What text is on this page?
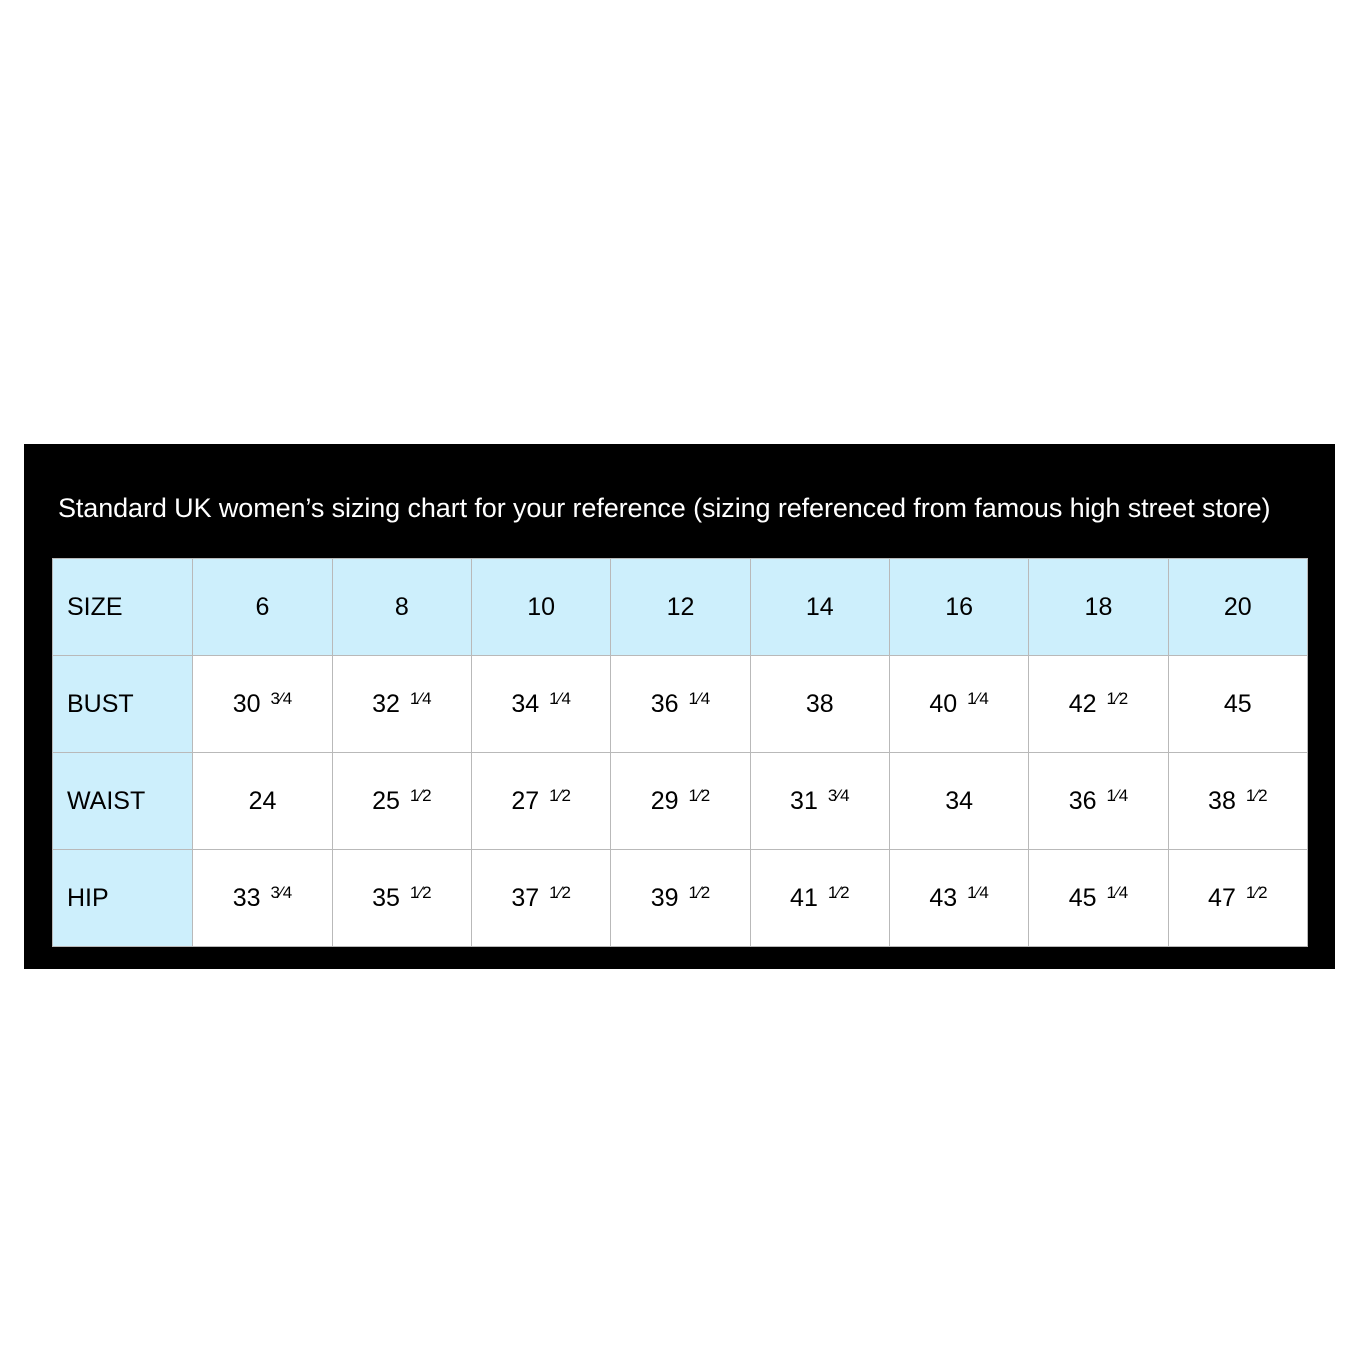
Standard UK women’s sizing chart for your reference (sizing referenced from famous high street store)
SIZE	6	8	10	12	14	16	18	20
BUST	30 3⁄4	32 1⁄4	34 1⁄4	36 1⁄4	38	40 1⁄4	42 1⁄2	45
WAIST	24	25 1⁄2	27 1⁄2	29 1⁄2	31 3⁄4	34	36 1⁄4	38 1⁄2
HIP	33 3⁄4	35 1⁄2	37 1⁄2	39 1⁄2	41 1⁄2	43 1⁄4	45 1⁄4	47 1⁄2
